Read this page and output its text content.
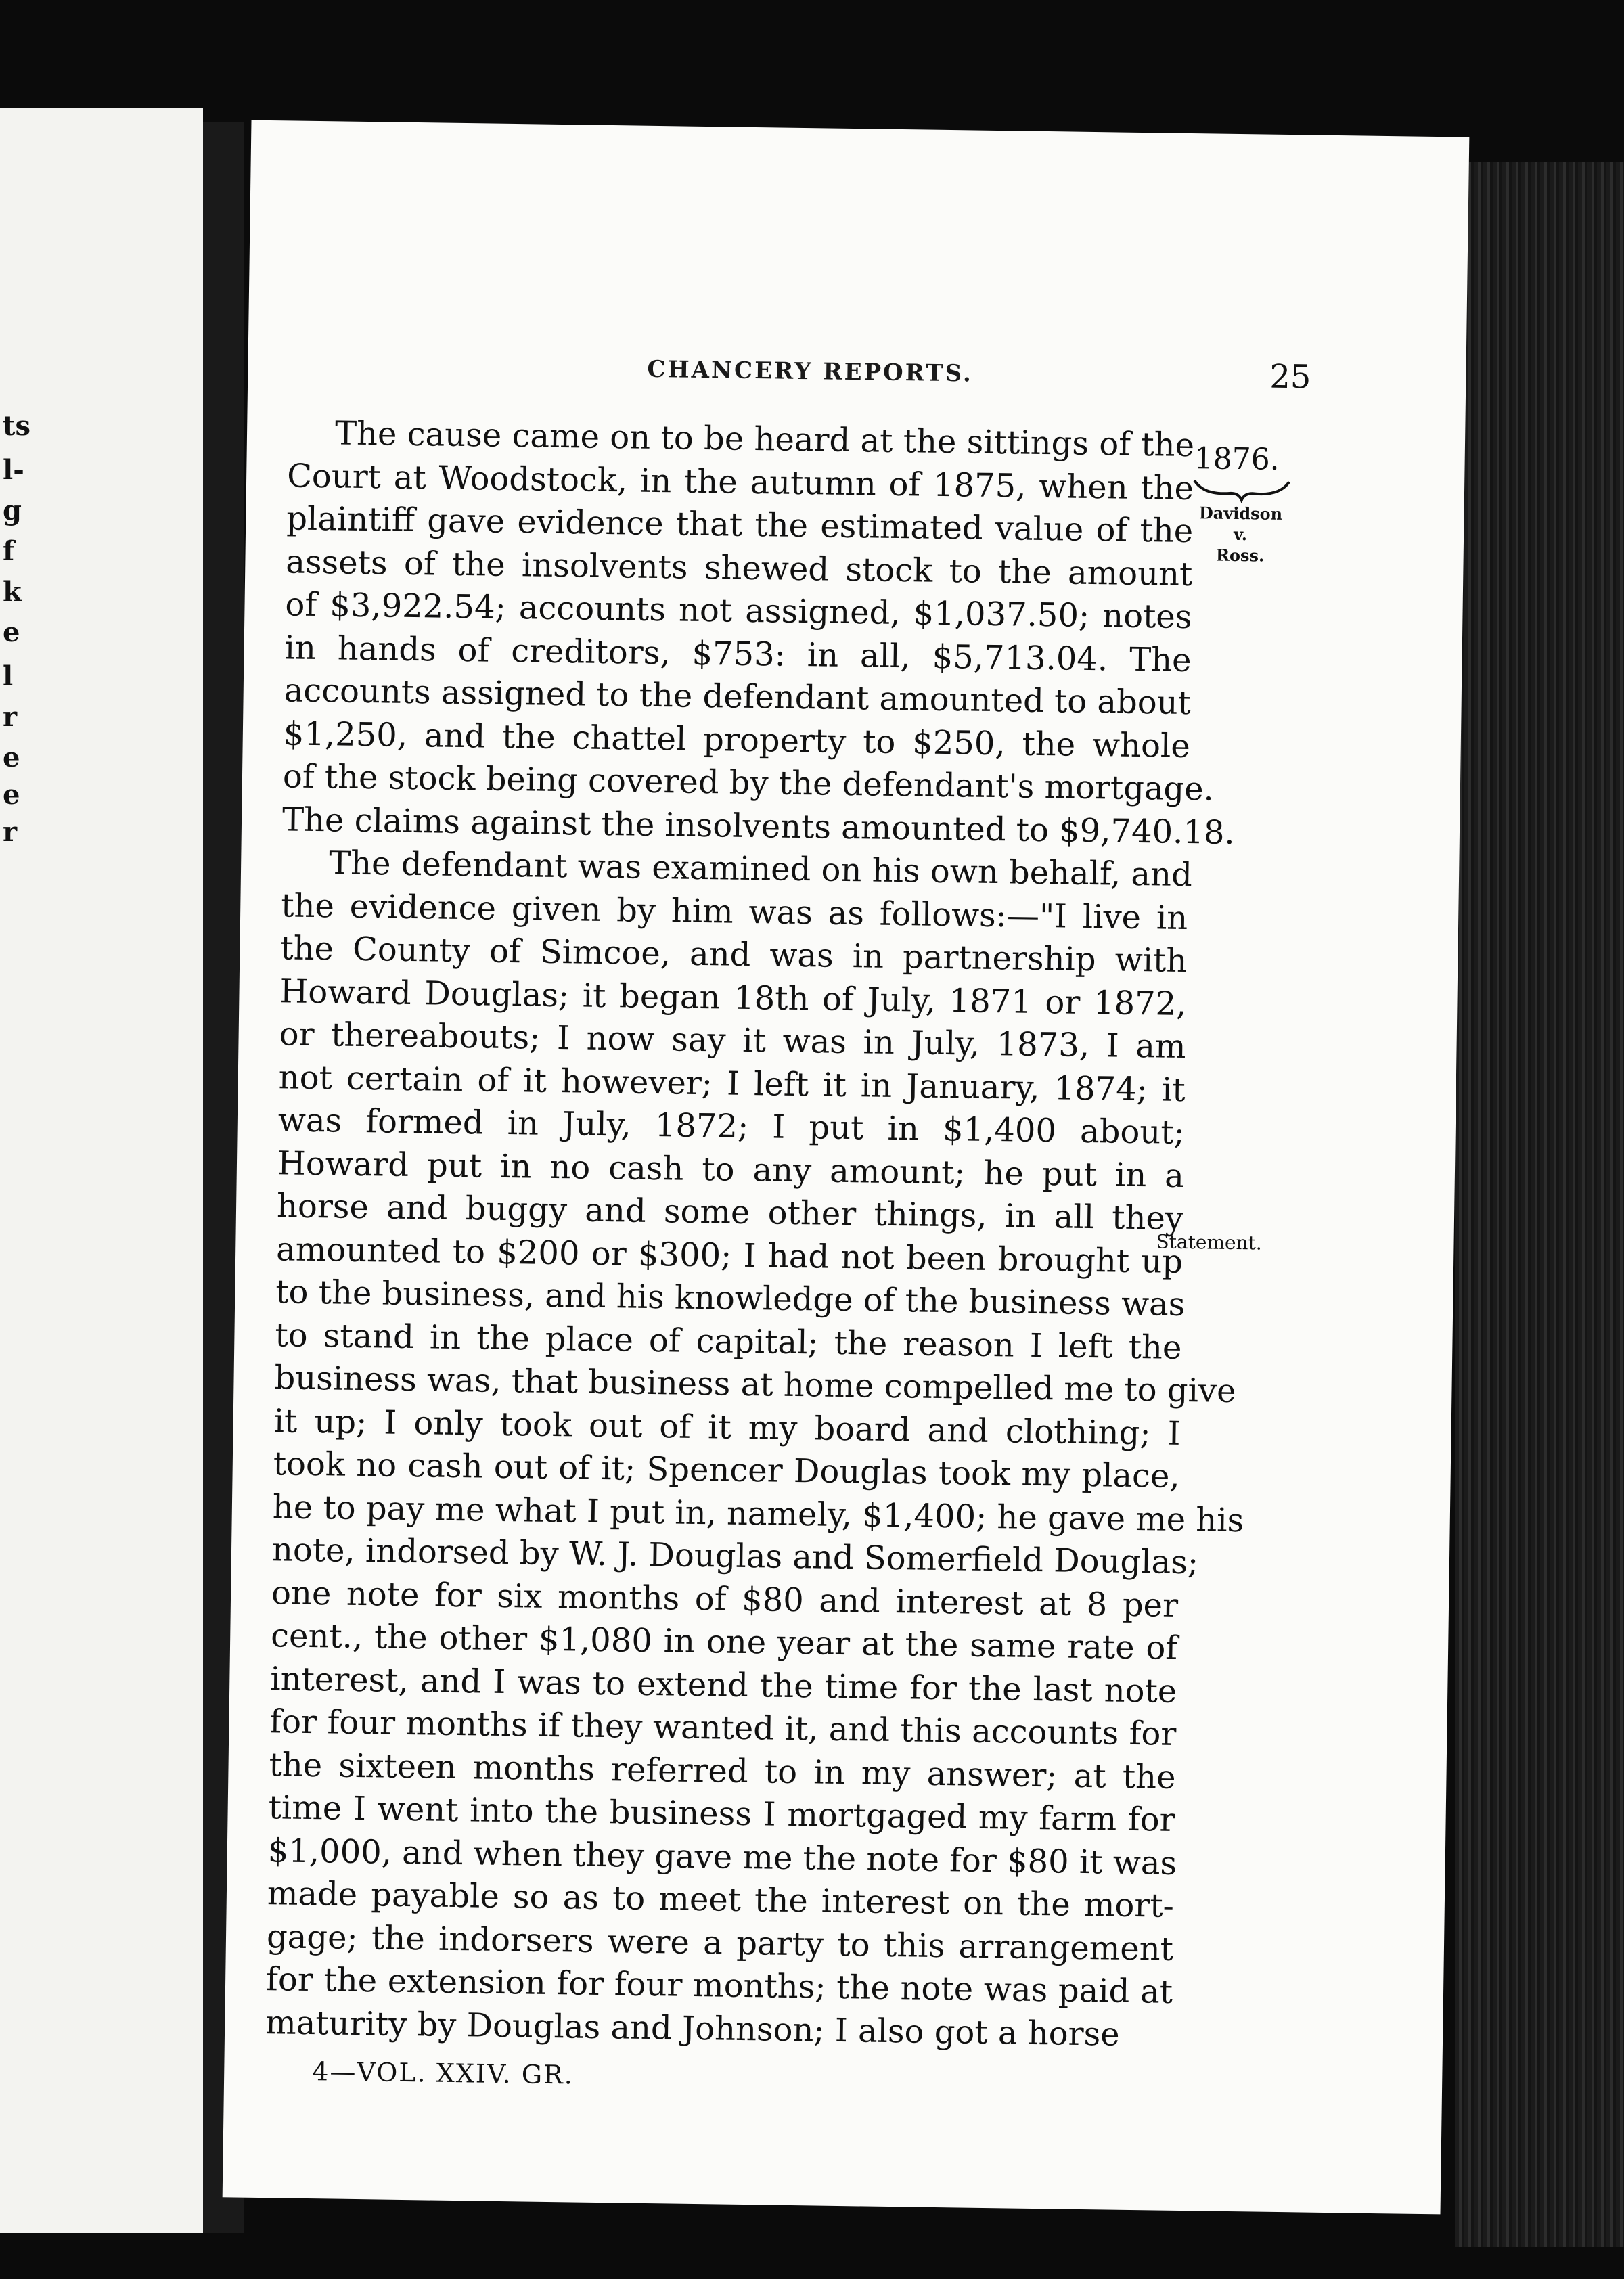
ts
l-
g
f
k
e
l
r
e
e
r
CHANCERY REPORTS.	25
1876.
Davidson
v.
Ross.
Statement.
The cause came on to be heard at the sittings of the
Court at Woodstock, in the autumn of 1875, when the
plaintiff gave evidence that the estimated value of the
assets of the insolvents shewed stock to the amount
of $3,922.54; accounts not assigned, $1,037.50; notes
in hands of creditors, $753: in all, $5,713.04. The
accounts assigned to the defendant amounted to about
$1,250, and the chattel property to $250, the whole
of the stock being covered by the defendant's mortgage.
The claims against the insolvents amounted to $9,740.18.
The defendant was examined on his own behalf, and
the evidence given by him was as follows:—"I live in
the County of Simcoe, and was in partnership with
Howard Douglas; it began 18th of July, 1871 or 1872,
or thereabouts; I now say it was in July, 1873, I am
not certain of it however; I left it in January, 1874; it
was formed in July, 1872; I put in $1,400 about;
Howard put in no cash to any amount; he put in a
horse and buggy and some other things, in all they
amounted to $200 or $300; I had not been brought up
to the business, and his knowledge of the business was
to stand in the place of capital; the reason I left the
business was, that business at home compelled me to give
it up; I only took out of it my board and clothing; I
took no cash out of it; Spencer Douglas took my place,
he to pay me what I put in, namely, $1,400; he gave me his
note, indorsed by W. J. Douglas and Somerfield Douglas;
one note for six months of $80 and interest at 8 per
cent., the other $1,080 in one year at the same rate of
interest, and I was to extend the time for the last note
for four months if they wanted it, and this accounts for
the sixteen months referred to in my answer; at the
time I went into the business I mortgaged my farm for
$1,000, and when they gave me the note for $80 it was
made payable so as to meet the interest on the mort-
gage; the indorsers were a party to this arrangement
for the extension for four months; the note was paid at
maturity by Douglas and Johnson; I also got a horse
4—VOL. XXIV. GR.
